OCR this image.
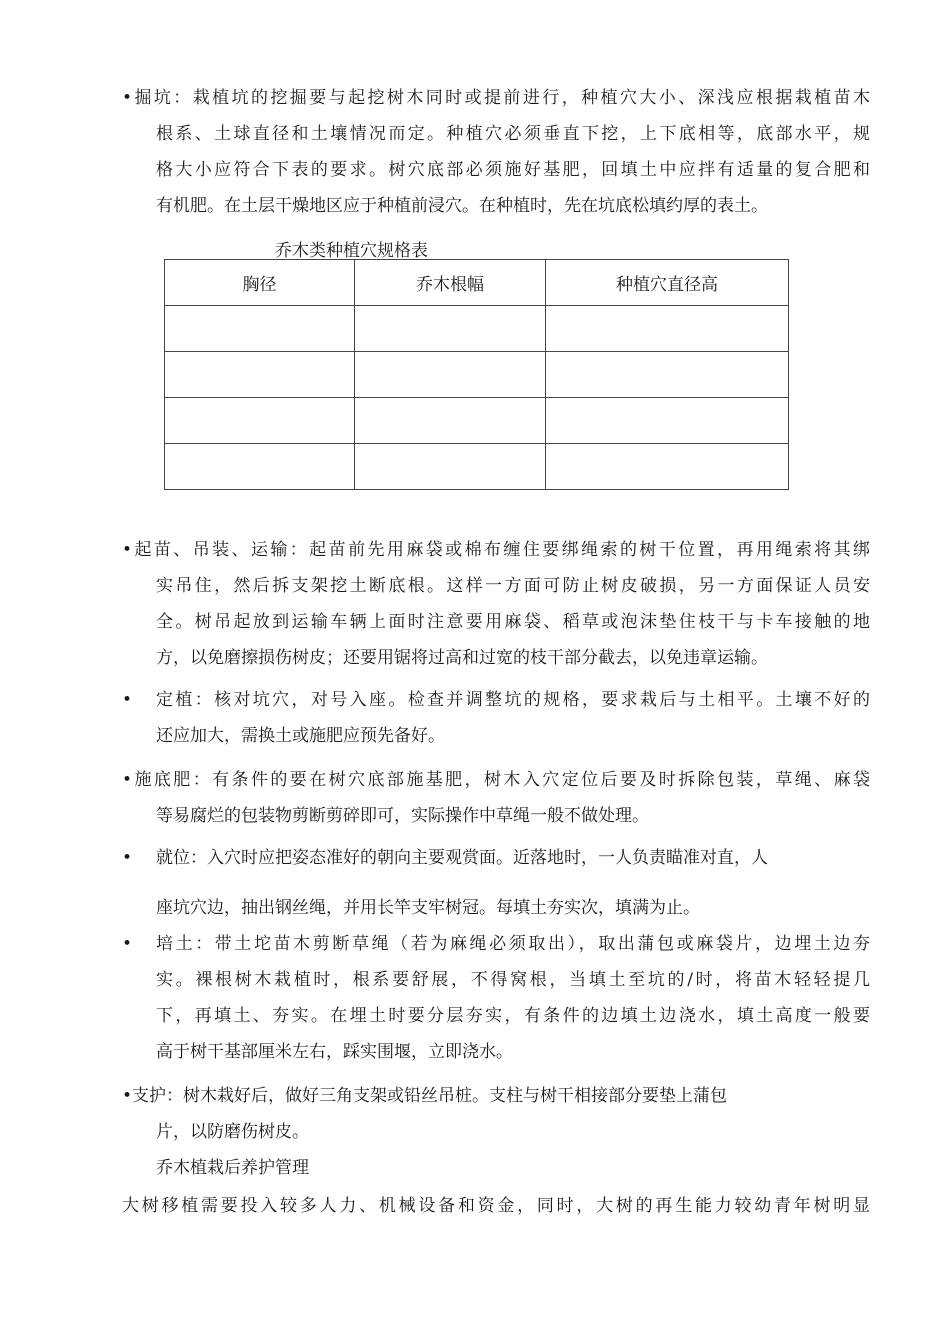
•掘坑：栽植坑的挖掘要与起挖树木同时或提前进行，种植穴大小、深浅应根据栽植苗木
根系、土球直径和土壤情况而定。种植穴必须垂直下挖，上下底相等，底部水平，规
格大小应符合下表的要求。树穴底部必须施好基肥，回填土中应拌有适量的复合肥和
有机肥。在土层干燥地区应于种植前浸穴。在种植时，先在坑底松填约厚的表土。
乔木类种植穴规格表
胸径	乔木根幅	种植穴直径高

•起苗、吊装、运输：起苗前先用麻袋或棉布缠住要绑绳索的树干位置，再用绳索将其绑
实吊住，然后拆支架挖土断底根。这样一方面可防止树皮破损，另一方面保证人员安
全。树吊起放到运输车辆上面时注意要用麻袋、稻草或泡沫垫住枝干与卡车接触的地
方，以免磨擦损伤树皮；还要用锯将过高和过宽的枝干部分截去，以免违章运输。
•	定植：核对坑穴，对号入座。检查并调整坑的规格，要求栽后与土相平。土壤不好的
还应加大，需换土或施肥应预先备好。
•施底肥：有条件的要在树穴底部施基肥，树木入穴定位后要及时拆除包装，草绳、麻袋
等易腐烂的包装物剪断剪碎即可，实际操作中草绳一般不做处理。
•	就位：入穴时应把姿态准好的朝向主要观赏面。近落地时，一人负责瞄准对直，人
座坑穴边，抽出钢丝绳，并用长竿支牢树冠。每填土夯实次，填满为止。
•	培土：带土坨苗木剪断草绳（若为麻绳必须取出），取出蒲包或麻袋片，边埋土边夯
实。裸根树木栽植时，根系要舒展，不得窝根，当填土至坑的/时，将苗木轻轻提几
下，再填土、夯实。在埋土时要分层夯实，有条件的边填土边浇水，填土高度一般要
高于树干基部厘米左右，踩实围堰，立即浇水。
•支护：树木栽好后，做好三角支架或铅丝吊桩。支柱与树干相接部分要垫上蒲包
片，以防磨伤树皮。
乔木植栽后养护管理
大树移植需要投入较多人力、机械设备和资金，同时，大树的再生能力较幼青年树明显
